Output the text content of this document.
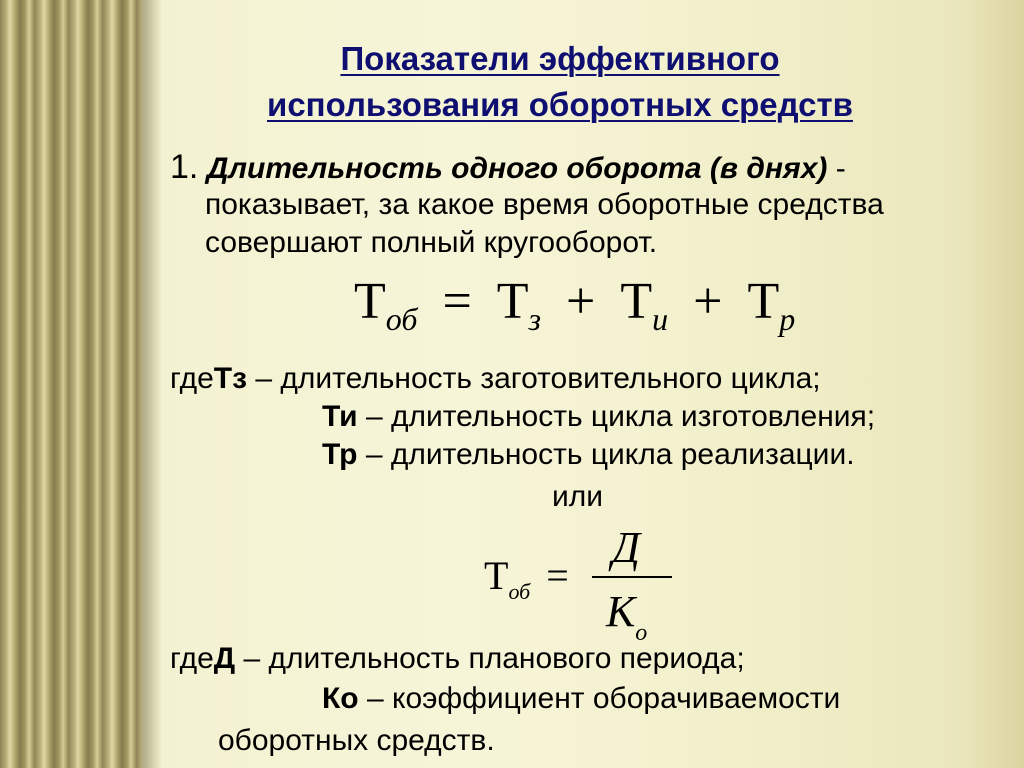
Показатели эффективного
использования оборотных средств
1. Длительность одного оборота (в днях) -
показывает, за какое время оборотные средства
совершают полный кругооборот.
$Т_{об} = Т_з + Т_и + Т_р$
гдеТз – длительность заготовительного цикла;
Ти – длительность цикла изготовления;
Тр – длительность цикла реализации.
или
$Т_{об}$ =
Д
$К_о$
гдеД – длительность планового периода;
Ко – коэффициент оборачиваемости
оборотных средств.
